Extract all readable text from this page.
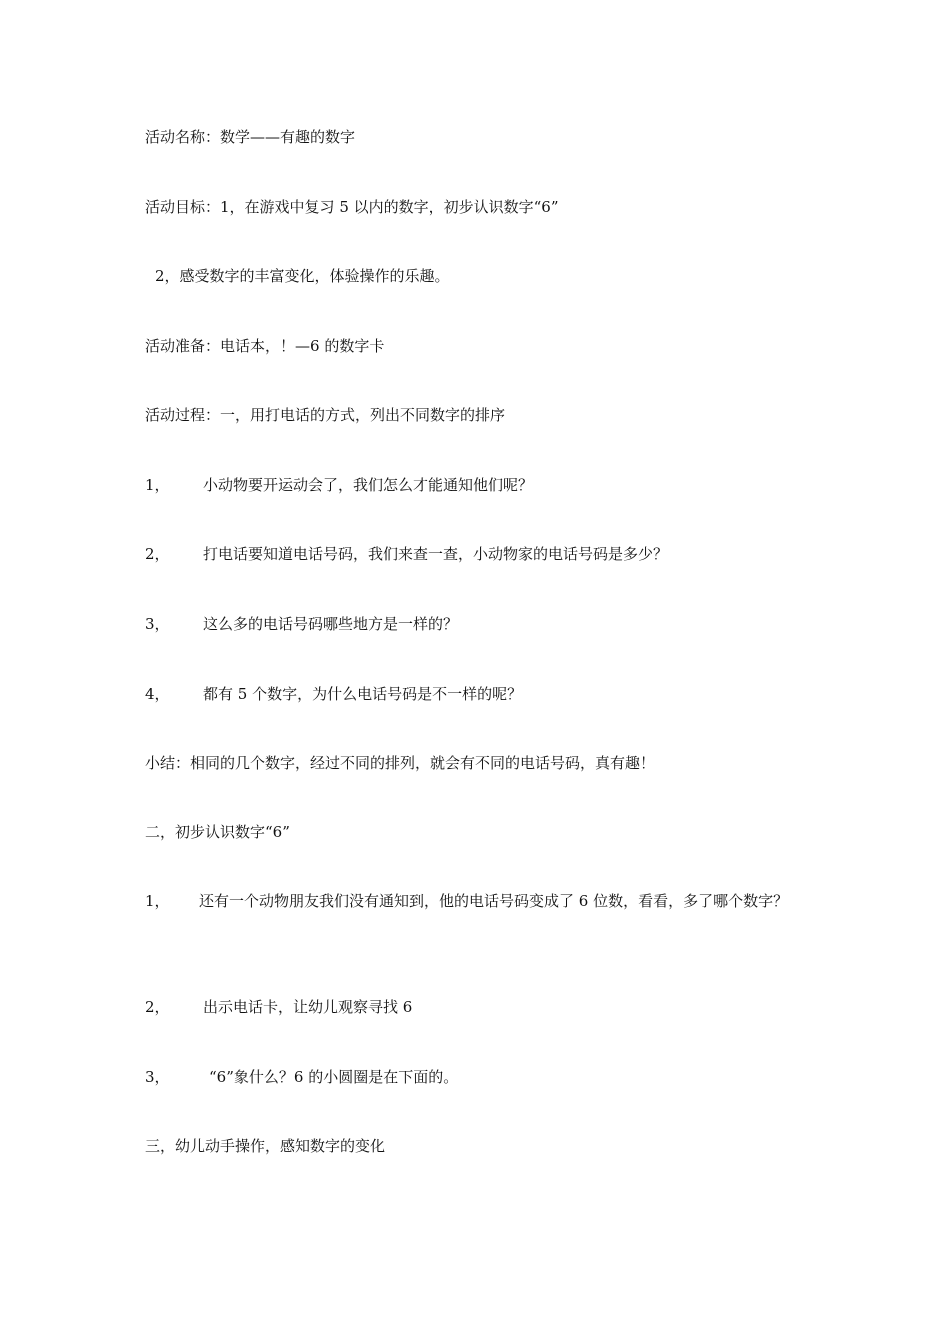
活动名称：数学——有趣的数字
活动目标：1，在游戏中复习 5 以内的数字，初步认识数字“6”
2，感受数字的丰富变化，体验操作的乐趣。
活动准备：电话本，！—6 的数字卡
活动过程：一，用打电话的方式，列出不同数字的排序
1， 小动物要开运动会了，我们怎么才能通知他们呢？
2， 打电话要知道电话号码，我们来查一查，小动物家的电话号码是多少？
3， 这么多的电话号码哪些地方是一样的？
4， 都有 5 个数字，为什么电话号码是不一样的呢？
小结：相同的几个数字，经过不同的排列，就会有不同的电话号码，真有趣！
二，初步认识数字“6”
1， 还有一个动物朋友我们没有通知到，他的电话号码变成了 6 位数，看看，多了哪个数字？
2， 出示电话卡，让幼儿观察寻找 6
3，	“6”象什么？6 的小圆圈是在下面的。
三，幼儿动手操作，感知数字的变化
